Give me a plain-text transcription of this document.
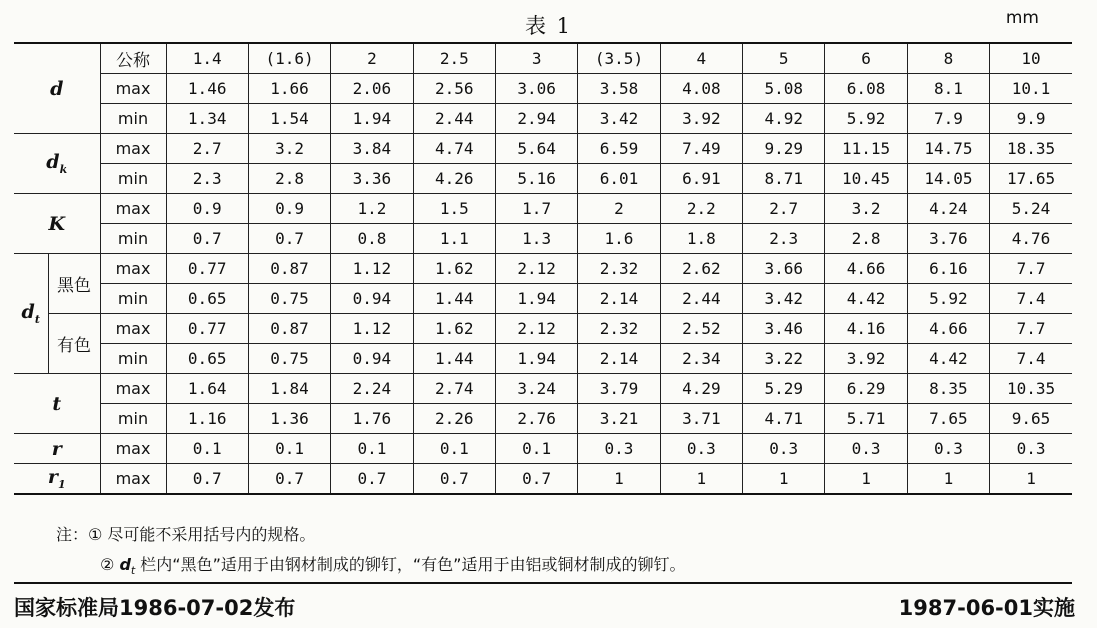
表 1	mm
d		公称	1.4	(1.6)	2	2.5	3	(3.5)	4	5	6	8	10
		max	1.46	1.66	2.06	2.56	3.06	3.58	4.08	5.08	6.08	8.1	10.1
		min	1.34	1.54	1.94	2.44	2.94	3.42	3.92	4.92	5.92	7.9	9.9
$d_k$		max	2.7	3.2	3.84	4.74	5.64	6.59	7.49	9.29	11.15	14.75	18.35
		min	2.3	2.8	3.36	4.26	5.16	6.01	6.91	8.71	10.45	14.05	17.65
K		max	0.9	0.9	1.2	1.5	1.7	2	2.2	2.7	3.2	4.24	5.24
		min	0.7	0.7	0.8	1.1	1.3	1.6	1.8	2.3	2.8	3.76	4.76
$d_t$	黑色	max	0.77	0.87	1.12	1.62	2.12	2.32	2.62	3.66	4.66	6.16	7.7
		min	0.65	0.75	0.94	1.44	1.94	2.14	2.44	3.42	4.42	5.92	7.4
	有色	max	0.77	0.87	1.12	1.62	2.12	2.32	2.52	3.46	4.16	4.66	7.7
		min	0.65	0.75	0.94	1.44	1.94	2.14	2.34	3.22	3.92	4.42	7.4
t		max	1.64	1.84	2.24	2.74	3.24	3.79	4.29	5.29	6.29	8.35	10.35
		min	1.16	1.36	1.76	2.26	2.76	3.21	3.71	4.71	5.71	7.65	9.65
r		max	0.1	0.1	0.1	0.1	0.1	0.3	0.3	0.3	0.3	0.3	0.3
$r_1$		max	0.7	0.7	0.7	0.7	0.7	1	1	1	1	1	1
注：① 尽可能不采用括号内的规格。
② $d_t$ 栏内“黑色”适用于由钢材制成的铆钉，“有色”适用于由铝或铜材制成的铆钉。
国家标准局1986-07-02发布	1987-06-01实施
